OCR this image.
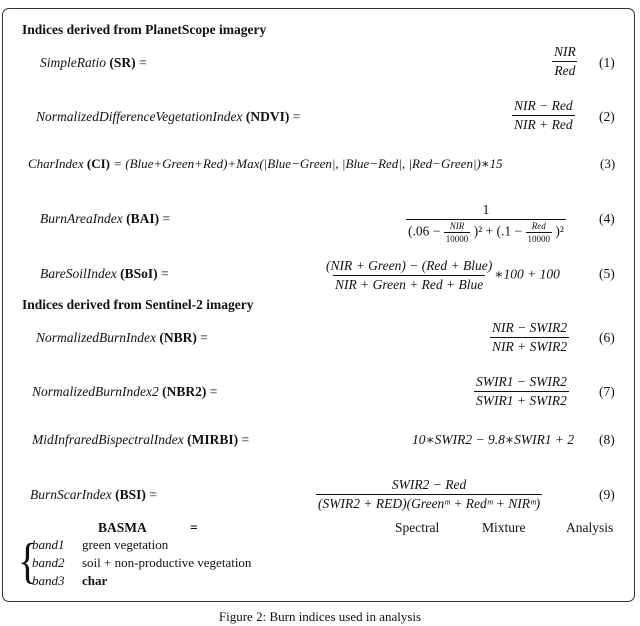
Indices derived from PlanetScope imagery
SimpleRatio (SR) =	$\frac{\text{NIR}}{\text{Red}} (1)$
NormalizedDifferenceVegetationIndex (NDVI) =	$\frac{\text{NIR − Red}}{\text{NIR + Red}} (2)$
CharIndex (CI) = (Blue+Green+Red)+Max(|Blue−Green|, |Blue−Red|, |Red−Green|)∗15	(3)
BurnAreaIndex (BAI) =
1
$(.06 - \frac{\text{NIR}}{10000} )^2 + (.1 - \frac{\text{Red}}{10000} )^2$
(4)
BareSoilIndex (BSoI) =	$\frac{\text{(NIR + Green) − (Red + Blue)}}{\text{NIR + Green + Red + Blue}}$ ∗100 + 100	(5)
Indices derived from Sentinel-2 imagery
NormalizedBurnIndex (NBR) =	$\frac{\text{NIR − SWIR2}}{\text{NIR + SWIR2}} (6)$
NormalizedBurnIndex2 (NBR2) =	$\frac{\text{SWIR1 − SWIR2}}{\text{SWIR1 + SWIR2}} (7)$
MidInfraredBispectralIndex (MIRBI) =	10∗SWIR2 − 9.8∗SWIR1 + 2 (8)
BurnScarIndex (BSI) =	$\frac{\text{SWIR2 − Red}}{\text{(SWIR2 + RED)(Greenᵐ + Redᵐ + NIRᵐ)}}$	(9)
BASMA	=	Spectral	Mixture	Analysis
{
band1 green vegetation
band2 soil + non-productive vegetation
band3 char
Figure 2: Burn indices used in analysis
